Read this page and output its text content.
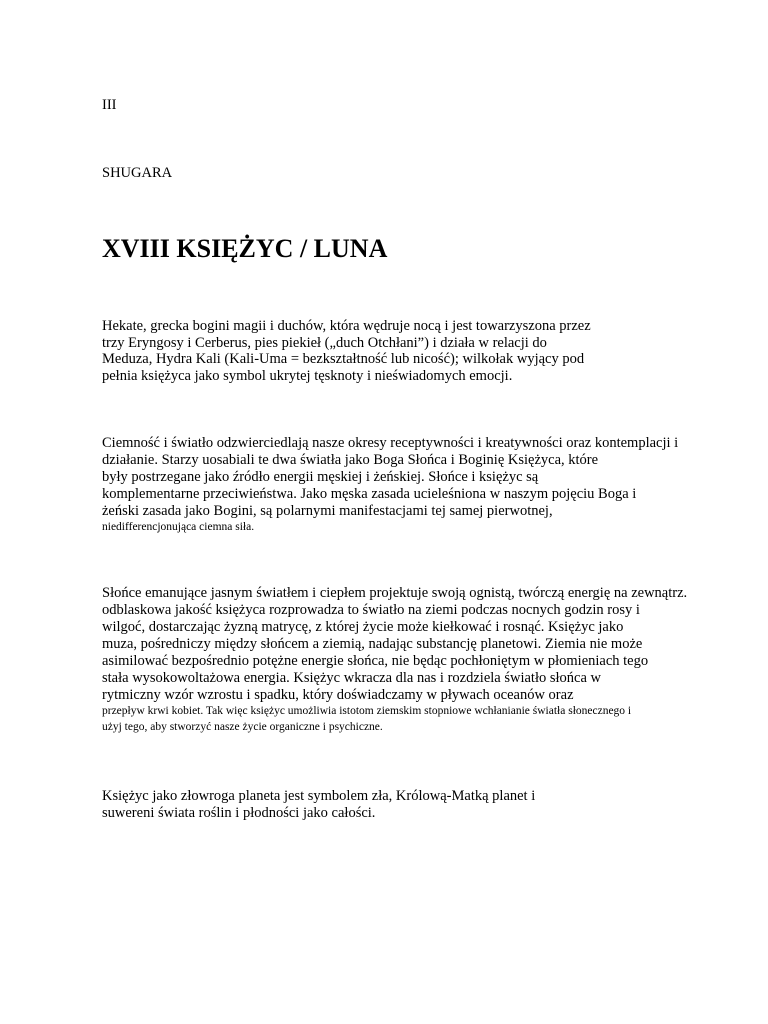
III
SHUGARA
XVIII KSIĘŻYC / LUNA
Hekate, grecka bogini magii i duchów, która wędruje nocą i jest towarzyszona przez
trzy Eryngosy i Cerberus, pies piekieł („duch Otchłani”) i działa w relacji do
Meduza, Hydra Kali (Kali-Uma = bezkształtność lub nicość); wilkołak wyjący pod
pełnia księżyca jako symbol ukrytej tęsknoty i nieświadomych emocji.
Ciemność i światło odzwierciedlają nasze okresy receptywności i kreatywności oraz kontemplacji i
działanie. Starzy uosabiali te dwa światła jako Boga Słońca i Boginię Księżyca, które
były postrzegane jako źródło energii męskiej i żeńskiej. Słońce i księżyc są
komplementarne przeciwieństwa. Jako męska zasada ucieleśniona w naszym pojęciu Boga i
żeński zasada jako Bogini, są polarnymi manifestacjami tej samej pierwotnej,
niedifferencjonująca ciemna siła.
Słońce emanujące jasnym światłem i ciepłem projektuje swoją ognistą, twórczą energię na zewnątrz.
odblaskowa jakość księżyca rozprowadza to światło na ziemi podczas nocnych godzin rosy i
wilgoć, dostarczając żyzną matrycę, z której życie może kiełkować i rosnąć. Księżyc jako
muza, pośredniczy między słońcem a ziemią, nadając substancję planetowi. Ziemia nie może
asimilować bezpośrednio potężne energie słońca, nie będąc pochłoniętym w płomieniach tego
stała wysokowoltażowa energia. Księżyc wkracza dla nas i rozdziela światło słońca w
rytmiczny wzór wzrostu i spadku, który doświadczamy w pływach oceanów oraz
przepływ krwi kobiet. Tak więc księżyc umożliwia istotom ziemskim stopniowe wchłanianie światła słonecznego i
użyj tego, aby stworzyć nasze życie organiczne i psychiczne.
Księżyc jako złowroga planeta jest symbolem zła, Królową-Matką planet i
suwereni świata roślin i płodności jako całości.
